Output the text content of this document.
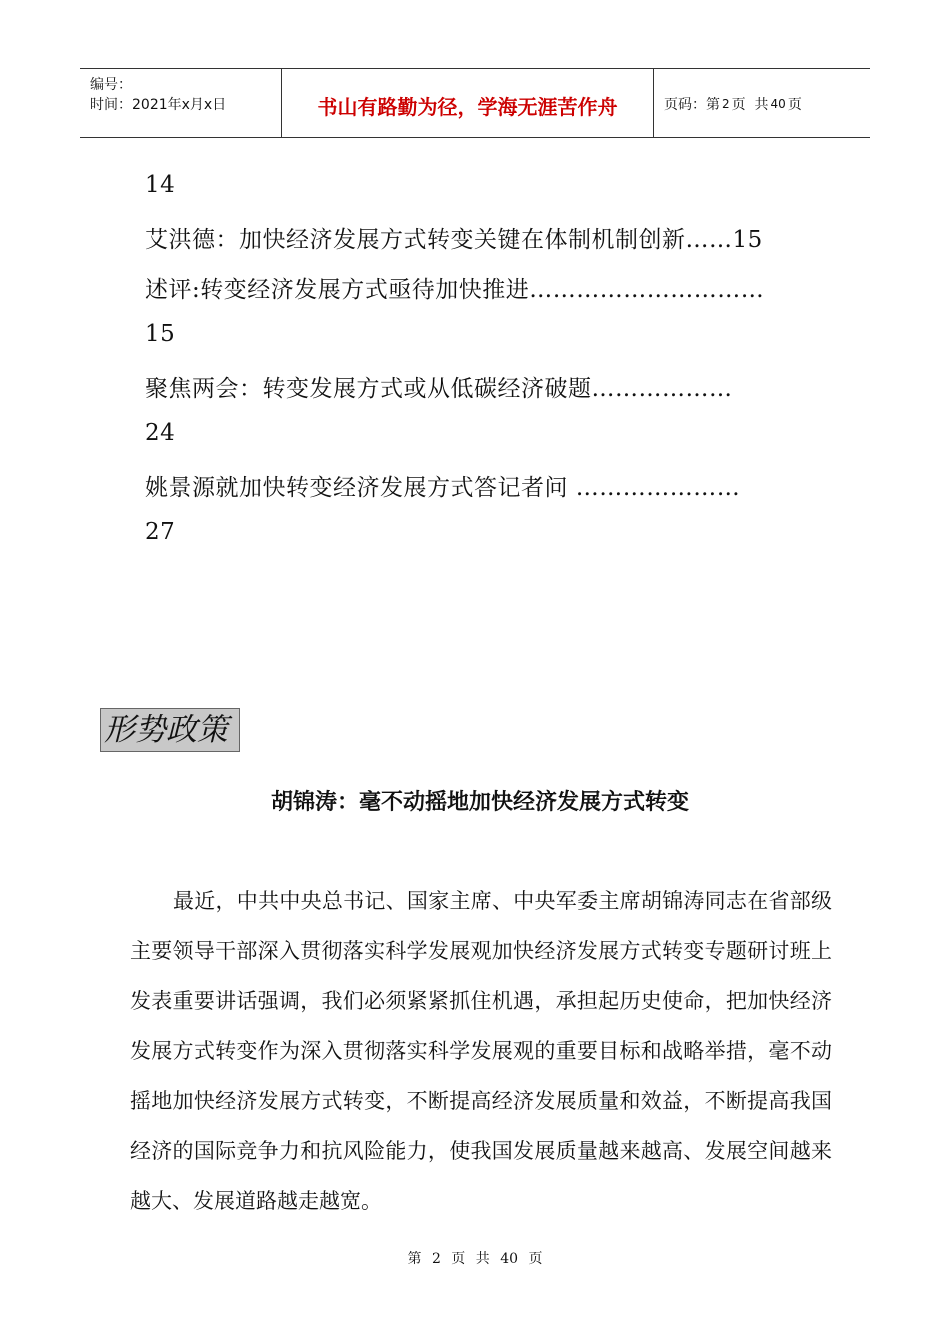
编号：
时间：2021年x月x日	书山有路勤为径，学海无涯苦作舟	页码：第 2 页  共 40 页
14
艾洪德：加快经济发展方式转变关键在体制机制创新……15
述评:转变经济发展方式亟待加快推进…………………………
15
聚焦两会：转变发展方式或从低碳经济破题………………
24
姚景源就加快转变经济发展方式答记者问 …………………
27
形势政策
胡锦涛：毫不动摇地加快经济发展方式转变
最近，中共中央总书记、国家主席、中央军委主席胡锦涛同志在省部级主要领导干部深入贯彻落实科学发展观加快经济发展方式转变专题研讨班上发表重要讲话强调，我们必须紧紧抓住机遇，承担起历史使命，把加快经济发展方式转变作为深入贯彻落实科学发展观的重要目标和战略举措，毫不动摇地加快经济发展方式转变，不断提高经济发展质量和效益，不断提高我国经济的国际竞争力和抗风险能力，使我国发展质量越来越高、发展空间越来越大、发展道路越走越宽。
第 2 页 共 40 页
